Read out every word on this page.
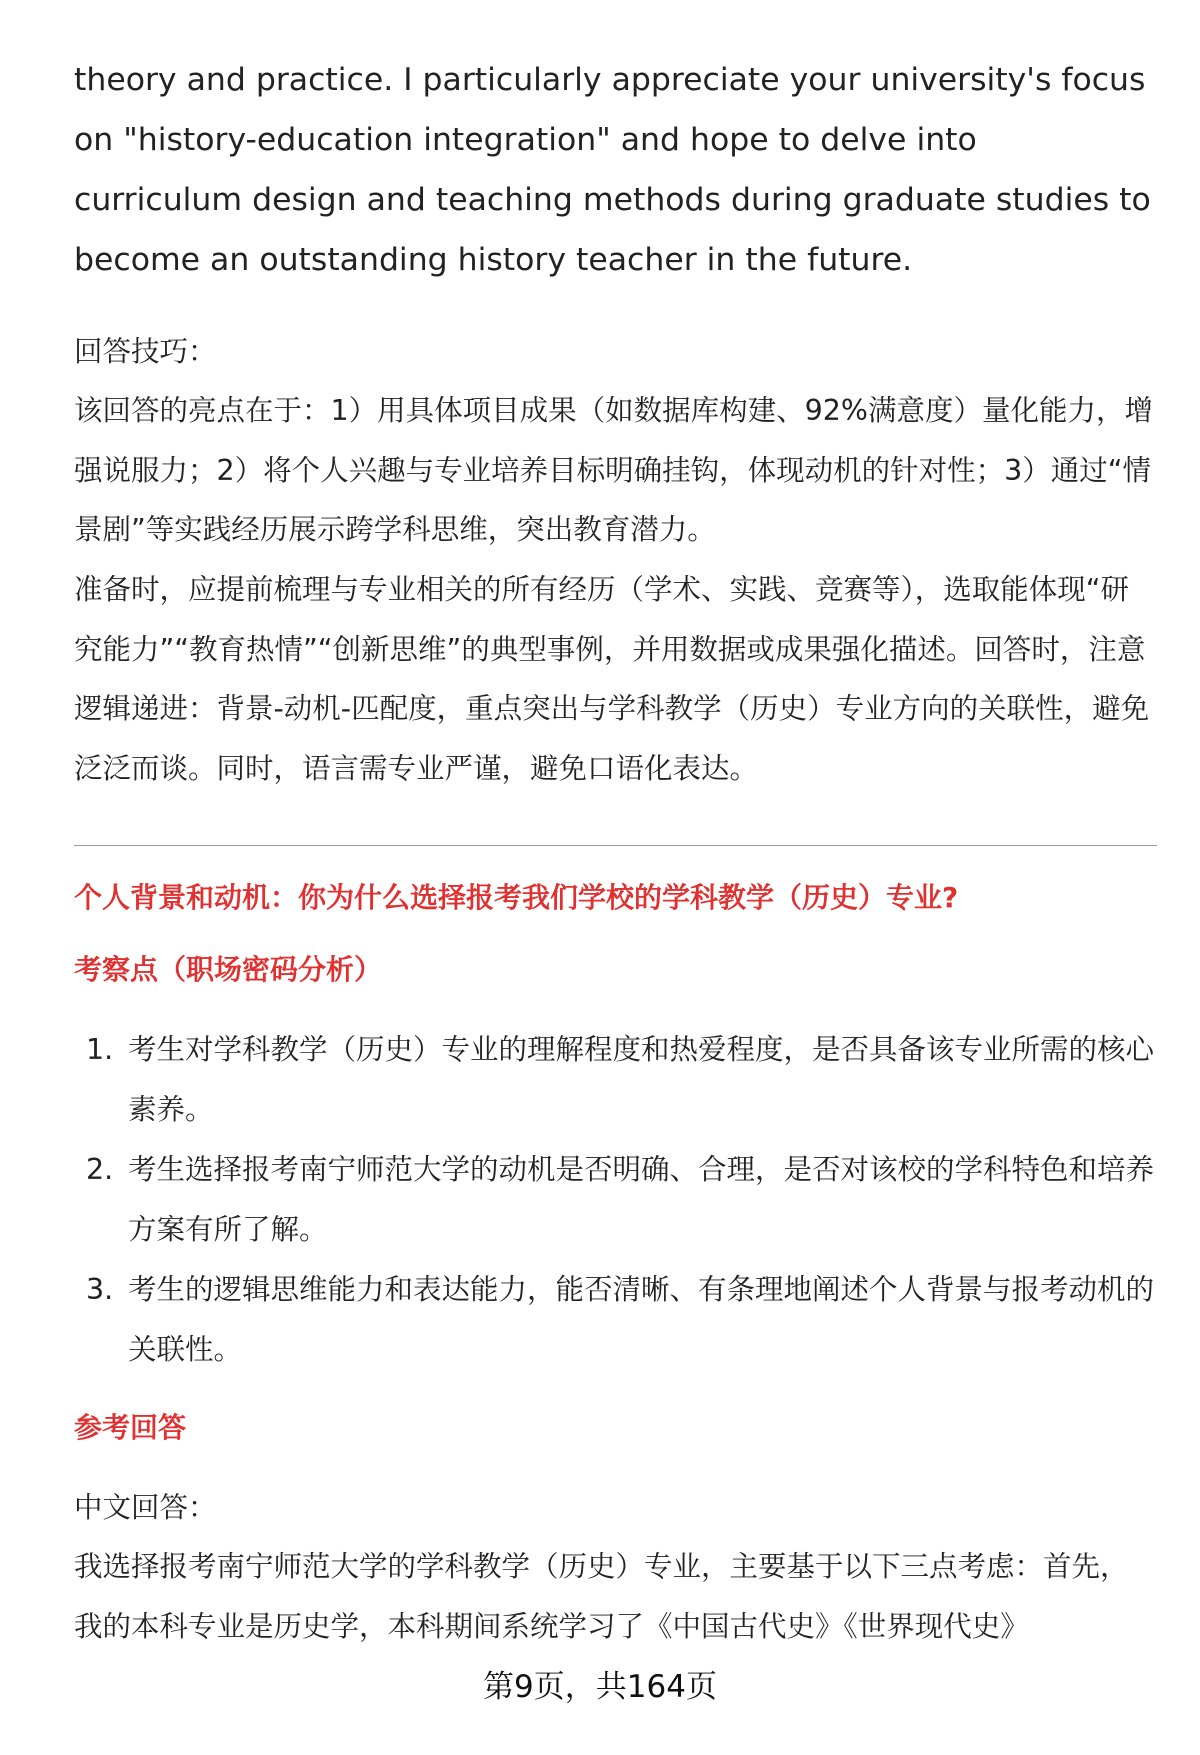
theory and practice. I particularly appreciate your university's focus on "history-education integration" and hope to delve into curriculum design and teaching methods during graduate studies to become an outstanding history teacher in the future.
回答技巧：
该回答的亮点在于：1）用具体项目成果（如数据库构建、92%满意度）量化能力，增强说服力；2）将个人兴趣与专业培养目标明确挂钩，体现动机的针对性；3）通过“情景剧”等实践经历展示跨学科思维，突出教育潜力。
准备时，应提前梳理与专业相关的所有经历（学术、实践、竞赛等），选取能体现“研究能力”“教育热情”“创新思维”的典型事例，并用数据或成果强化描述。回答时，注意逻辑递进：背景-动机-匹配度，重点突出与学科教学（历史）专业方向的关联性，避免泛泛而谈。同时，语言需专业严谨，避免口语化表达。
个人背景和动机：你为什么选择报考我们学校的学科教学（历史）专业?
考察点（职场密码分析）
1. 考生对学科教学（历史）专业的理解程度和热爱程度，是否具备该专业所需的核心素养。
2. 考生选择报考南宁师范大学的动机是否明确、合理，是否对该校的学科特色和培养方案有所了解。
3. 考生的逻辑思维能力和表达能力，能否清晰、有条理地阐述个人背景与报考动机的关联性。
参考回答
中文回答：
我选择报考南宁师范大学的学科教学（历史）专业，主要基于以下三点考虑：首先，我的本科专业是历史学，本科期间系统学习了《中国古代史》《世界现代史》
第9页，共164页
